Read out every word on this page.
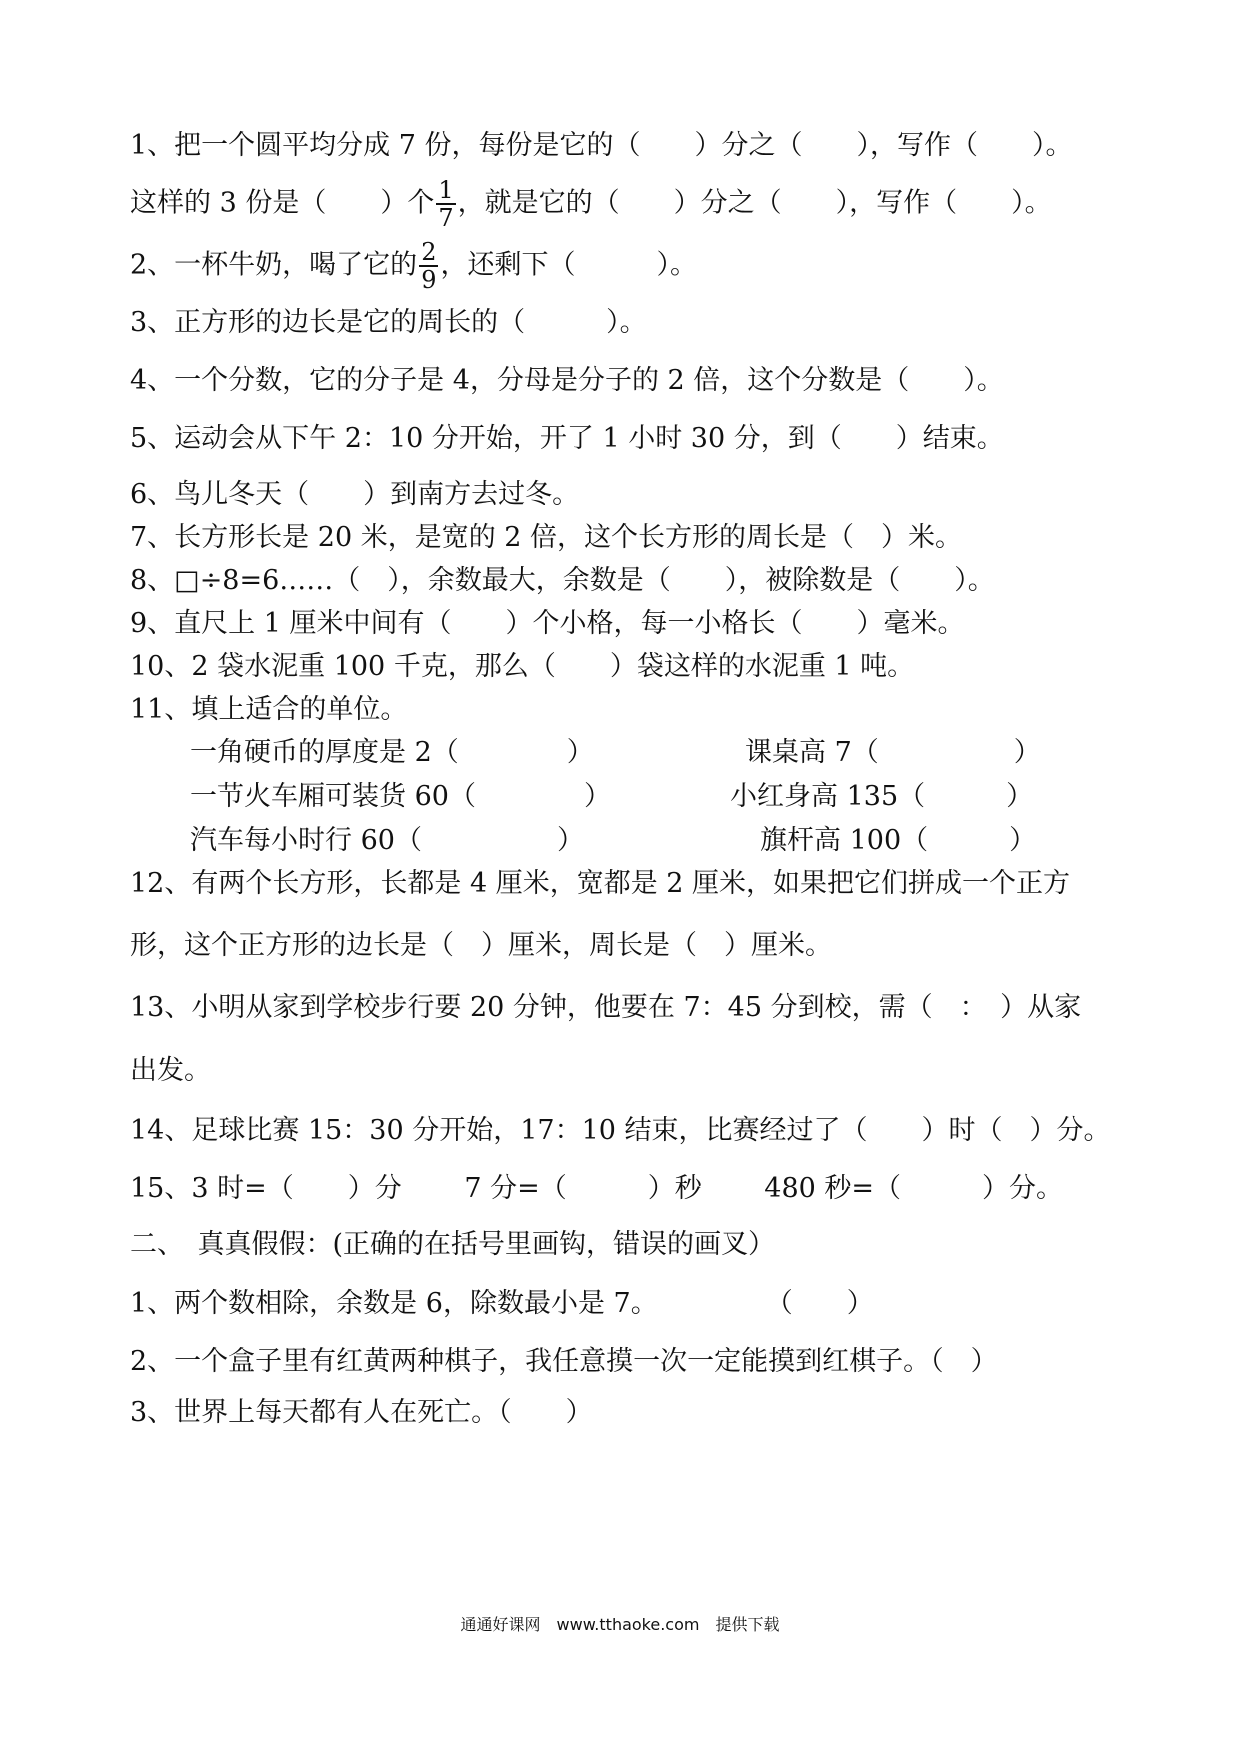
1、把一个圆平均分成 7 份，每份是它的（　　）分之（　　），写作（　　）。
这样的 3 份是（　　）个 $\frac{1}{7}$ ，就是它的（　　）分之（　　），写作（　　）。
2、一杯牛奶，喝了它的 $\frac{2}{9}$ ，还剩下（　　　）。
3、正方形的边长是它的周长的（　　　）。
4、一个分数，它的分子是 4，分母是分子的 2 倍，这个分数是（　　）。
5、运动会从下午 2：10 分开始，开了 1 小时 30 分，到（　　）结束。
6、鸟儿冬天（　　）到南方去过冬。
7、长方形长是 20 米，是宽的 2 倍，这个长方形的周长是（　）米。
8、□÷8=6……（　），余数最大，余数是（　　），被除数是（　　）。
9、直尺上 1 厘米中间有（　　）个小格，每一小格长（　　）毫米。
10、2 袋水泥重 100 千克，那么（　　）袋这样的水泥重 1 吨。
11、填上适合的单位。
一角硬币的厚度是 2（　　　　）	课桌高 7（　　　　　）
一节火车厢可装货 60（　　　　）	小红身高 135（　　　）
汽车每小时行 60（　　　　　）	旗杆高 100（　　　）
12、有两个长方形，长都是 4 厘米，宽都是 2 厘米，如果把它们拼成一个正方
形，这个正方形的边长是（　）厘米，周长是（　）厘米。
13、小明从家到学校步行要 20 分钟，他要在 7：45 分到校，需（　：　）从家
出发。
14、足球比赛 15：30 分开始，17：10 结束，比赛经过了（　　）时（　）分。
15、3 时=（　　）分　　 7 分=（　　　）秒　　 480 秒=（　　　）分。
二、　真真假假：(正确的在括号里画钩，错误的画叉）
1、两个数相除，余数是 6，除数最小是 7。　　　　　（　　）
2、一个盒子里有红黄两种棋子，我任意摸一次一定能摸到红棋子。（　）
3、世界上每天都有人在死亡。（　　）
通通好课网　www.tthaoke.com　提供下载
